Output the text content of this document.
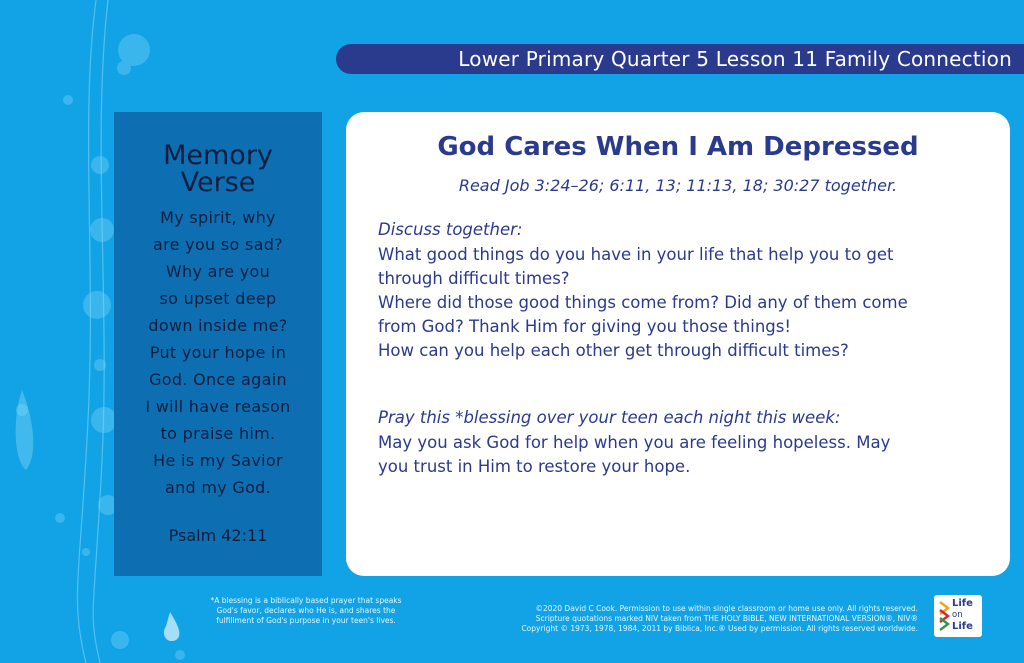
Lower Primary Quarter 5 Lesson 11 Family Connection
Memory
Verse
My spirit, why
are you so sad?
Why are you
so upset deep
down inside me?
Put your hope in
God. Once again
I will have reason
to praise him.
He is my Savior
and my God.
Psalm 42:11
God Cares When I Am Depressed
Read Job 3:24–26; 6:11, 13; 11:13, 18; 30:27 together.
Discuss together:
What good things do you have in your life that help you to get
through difficult times?
Where did those good things come from? Did any of them come
from God? Thank Him for giving you those things!
How can you help each other get through difficult times?
Pray this *blessing over your teen each night this week:
May you ask God for help when you are feeling hopeless. May
you trust in Him to restore your hope.
*A blessing is a biblically based prayer that speaks
God's favor, declares who He is, and shares the
fulfillment of God's purpose in your teen's lives.
©2020 David C Cook. Permission to use within single classroom or home use only. All rights reserved.
Scripture quotations marked NIV taken from THE HOLY BIBLE, NEW INTERNATIONAL VERSION®, NIV®
Copyright © 1973, 1978, 1984, 2011 by Biblica, Inc.® Used by permission. All rights reserved worldwide.
Life
on
Life
